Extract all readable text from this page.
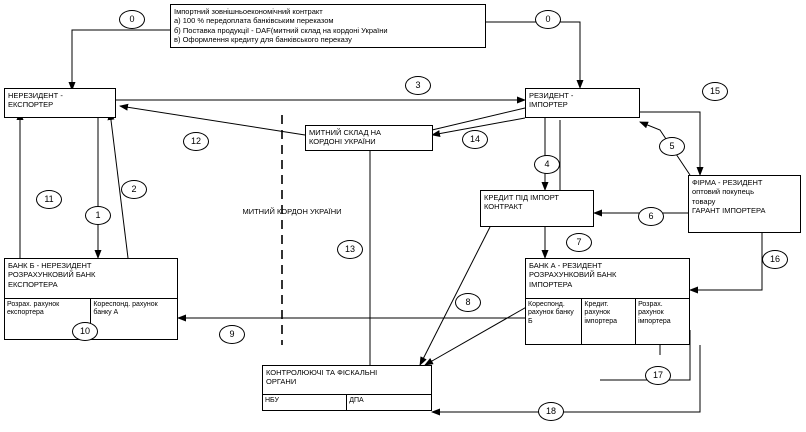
Імпортний зовнішньоекономічний контракт
а) 100 % передоплата банківським переказом
б) Поставка продукції - DAF(митний склад на кордоні України
в) Оформлення кредиту для банківського переказу
НЕРЕЗИДЕНТ -
ЕКСПОРТЕР
МИТНИЙ СКЛАД НА
КОРДОНІ УКРАЇНИ
РЕЗИДЕНТ -
ІМПОРТЕР
КРЕДИТ ПІД ІМПОРТ
КОНТРАКТ
ФІРМА - РЕЗИДЕНТ
оптовий покупець
товару
ГАРАНТ ІМПОРТЕРА
БАНК Б - НЕРЕЗИДЕНТ
РОЗРАХУНКОВИЙ БАНК
ЕКСПОРТЕРА
Розрах. рахунок експортера
Кореспонд. рахунок банку А
БАНК А - РЕЗИДЕНТ
РОЗРАХУНКОВИЙ БАНК
ІМПОРТЕРА
Кореспонд. рахунок банку Б
Кредит. рахунок імпортера
Розрах. рахунок імпортера
КОНТРОЛЮЮЧІ ТА ФІСКАЛЬНІ
ОРГАНИ
НБУ	ДПА
МИТНИЙ КОРДОН УКРАЇНИ
0	0
3
15
12	14
5
4
2
11
1	6
13
7
16
8
10	9
17
18
